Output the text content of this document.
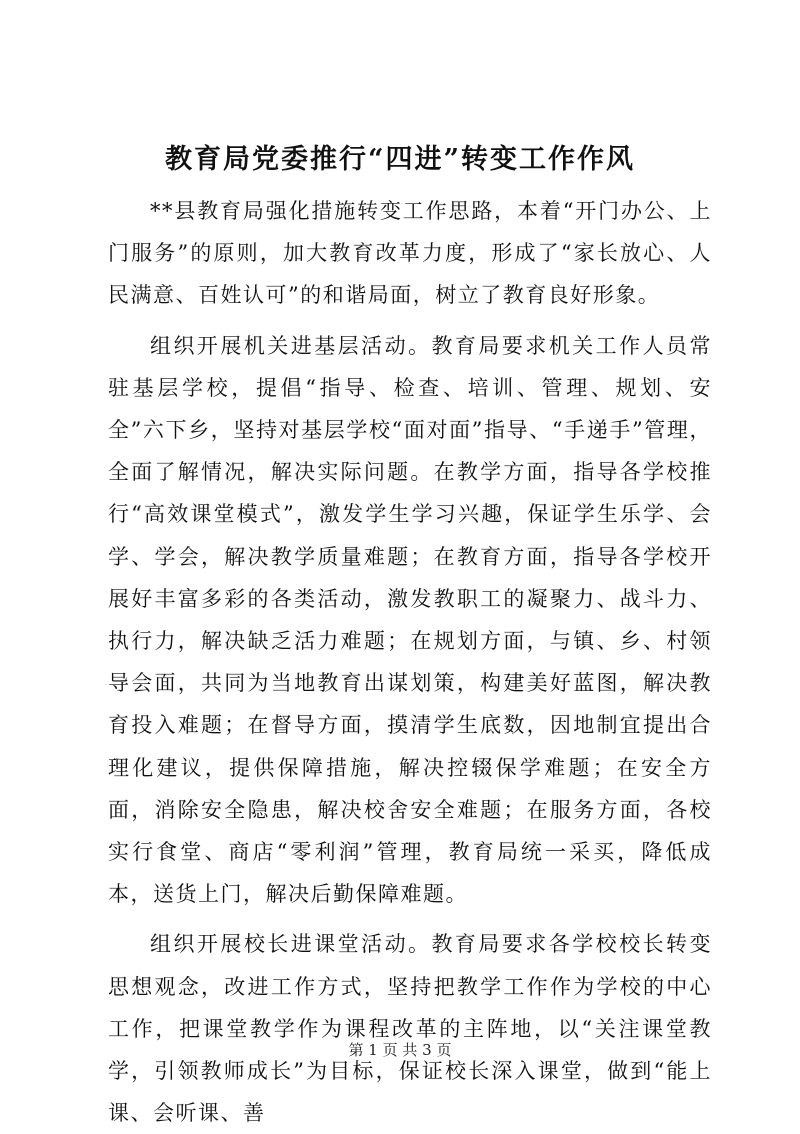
教育局党委推行“四进”转变工作作风

**县教育局强化措施转变工作思路，本着“开门办公、上门服务”的原则，加大教育改革力度，形成了“家长放心、人民满意、百姓认可”的和谐局面，树立了教育良好形象。

组织开展机关进基层活动。教育局要求机关工作人员常驻基层学校，提倡“指导、检查、培训、管理、规划、安全”六下乡，坚持对基层学校“面对面”指导、“手递手”管理，全面了解情况，解决实际问题。在教学方面，指导各学校推行“高效课堂模式”，激发学生学习兴趣，保证学生乐学、会学、学会，解决教学质量难题；在教育方面，指导各学校开展好丰富多彩的各类活动，激发教职工的凝聚力、战斗力、执行力，解决缺乏活力难题；在规划方面，与镇、乡、村领导会面，共同为当地教育出谋划策，构建美好蓝图，解决教育投入难题；在督导方面，摸清学生底数，因地制宜提出合理化建议，提供保障措施，解决控辍保学难题；在安全方面，消除安全隐患，解决校舍安全难题；在服务方面，各校实行食堂、商店“零利润”管理，教育局统一采买，降低成本，送货上门，解决后勤保障难题。

组织开展校长进课堂活动。教育局要求各学校校长转变思想观念，改进工作方式，坚持把教学工作作为学校的中心工作，把课堂教学作为课程改革的主阵地，以“关注课堂教学，引领教师成长”为目标，保证校长深入课堂，做到“能上课、会听课、善

第 1 页 共 3 页
